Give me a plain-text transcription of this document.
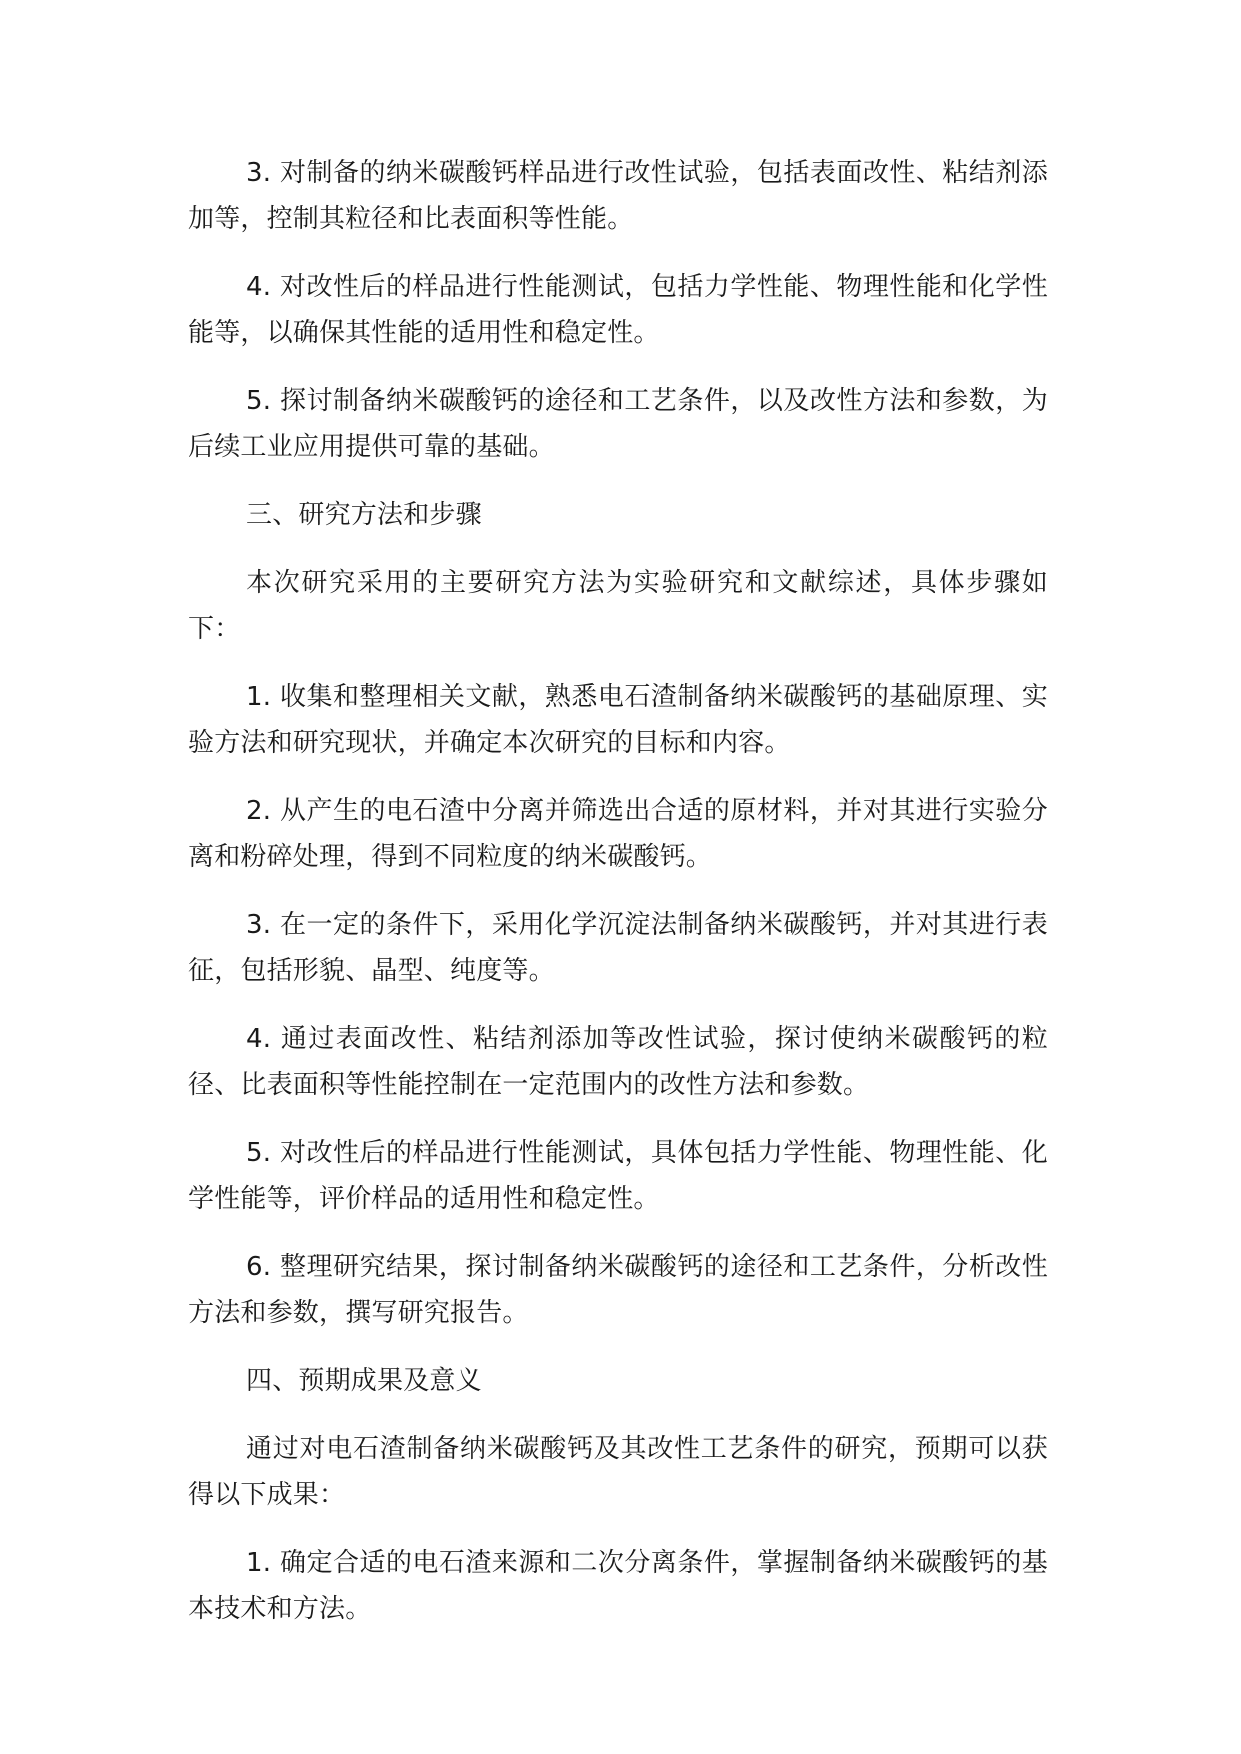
3. 对制备的纳米碳酸钙样品进行改性试验，包括表面改性、粘结剂添加等，控制其粒径和比表面积等性能。

4. 对改性后的样品进行性能测试，包括力学性能、物理性能和化学性能等，以确保其性能的适用性和稳定性。

5. 探讨制备纳米碳酸钙的途径和工艺条件，以及改性方法和参数，为后续工业应用提供可靠的基础。

三、研究方法和步骤

本次研究采用的主要研究方法为实验研究和文献综述，具体步骤如下：

1. 收集和整理相关文献，熟悉电石渣制备纳米碳酸钙的基础原理、实验方法和研究现状，并确定本次研究的目标和内容。

2. 从产生的电石渣中分离并筛选出合适的原材料，并对其进行实验分离和粉碎处理，得到不同粒度的纳米碳酸钙。

3. 在一定的条件下，采用化学沉淀法制备纳米碳酸钙，并对其进行表征，包括形貌、晶型、纯度等。

4. 通过表面改性、粘结剂添加等改性试验，探讨使纳米碳酸钙的粒径、比表面积等性能控制在一定范围内的改性方法和参数。

5. 对改性后的样品进行性能测试，具体包括力学性能、物理性能、化学性能等，评价样品的适用性和稳定性。

6. 整理研究结果，探讨制备纳米碳酸钙的途径和工艺条件，分析改性方法和参数，撰写研究报告。

四、预期成果及意义

通过对电石渣制备纳米碳酸钙及其改性工艺条件的研究，预期可以获得以下成果：

1. 确定合适的电石渣来源和二次分离条件，掌握制备纳米碳酸钙的基本技术和方法。
